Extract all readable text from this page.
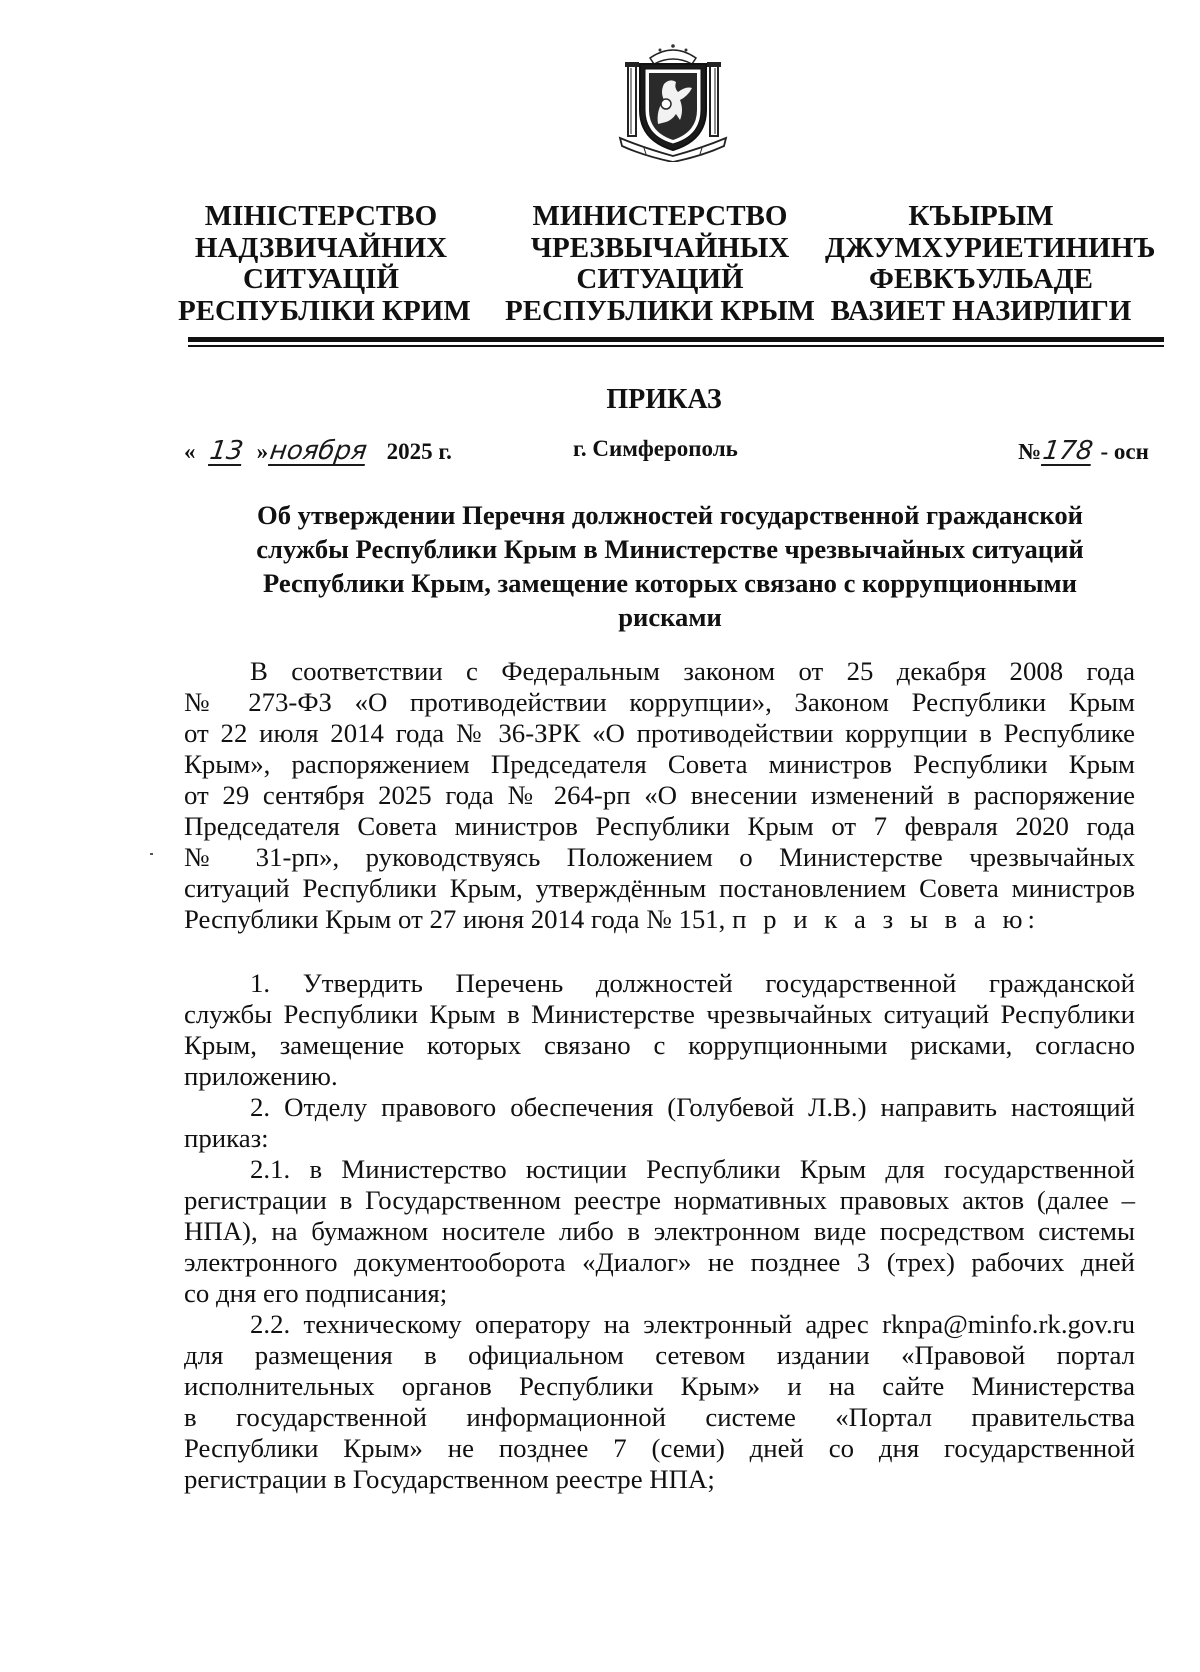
МІНІСТЕРСТВО
НАДЗВИЧАЙНИХ
СИТУАЦІЙ
РЕСПУБЛІКИ КРИМ
МИНИСТЕРСТВО
ЧРЕЗВЫЧАЙНЫХ
СИТУАЦИЙ
РЕСПУБЛИКИ КРЫМ
КЪЫРЫМ
ДЖУМХУРИЕТИНИНЪ
ФЕВКЪУЛЬАДЕ
ВАЗИЕТ НАЗИРЛИГИ
ПРИКАЗ
« 13 »ноября 2025 г.	г. Симферополь	№178 - осн
Об утверждении Перечня должностей государственной гражданской
службы Республики Крым в Министерстве чрезвычайных ситуаций
Республики Крым, замещение которых связано с коррупционными
рисками
В соответствии с Федеральным законом от 25 декабря 2008 года
№ 273-ФЗ «О противодействии коррупции», Законом Республики Крым
от 22 июля 2014 года № 36-ЗРК «О противодействии коррупции в Республике
Крым», распоряжением Председателя Совета министров Республики Крым
от 29 сентября 2025 года № 264-рп «О внесении изменений в распоряжение
Председателя Совета министров Республики Крым от 7 февраля 2020 года
№ 31-рп», руководствуясь Положением о Министерстве чрезвычайных
ситуаций Республики Крым, утверждённым постановлением Совета министров
Республики Крым от 27 июня 2014 года № 151, п р и к а з ы в а ю:
1. Утвердить Перечень должностей государственной гражданской
службы Республики Крым в Министерстве чрезвычайных ситуаций Республики
Крым, замещение которых связано с коррупционными рисками, согласно
приложению.
2. Отделу правового обеспечения (Голубевой Л.В.) направить настоящий
приказ:
2.1. в Министерство юстиции Республики Крым для государственной
регистрации в Государственном реестре нормативных правовых актов (далее –
НПА), на бумажном носителе либо в электронном виде посредством системы
электронного документооборота «Диалог» не позднее 3 (трех) рабочих дней
со дня его подписания;
2.2. техническому оператору на электронный адрес rknpa@minfo.rk.gov.ru
для размещения в официальном сетевом издании «Правовой портал
исполнительных органов Республики Крым» и на сайте Министерства
в государственной информационной системе «Портал правительства
Республики Крым» не позднее 7 (семи) дней со дня государственной
регистрации в Государственном реестре НПА;
